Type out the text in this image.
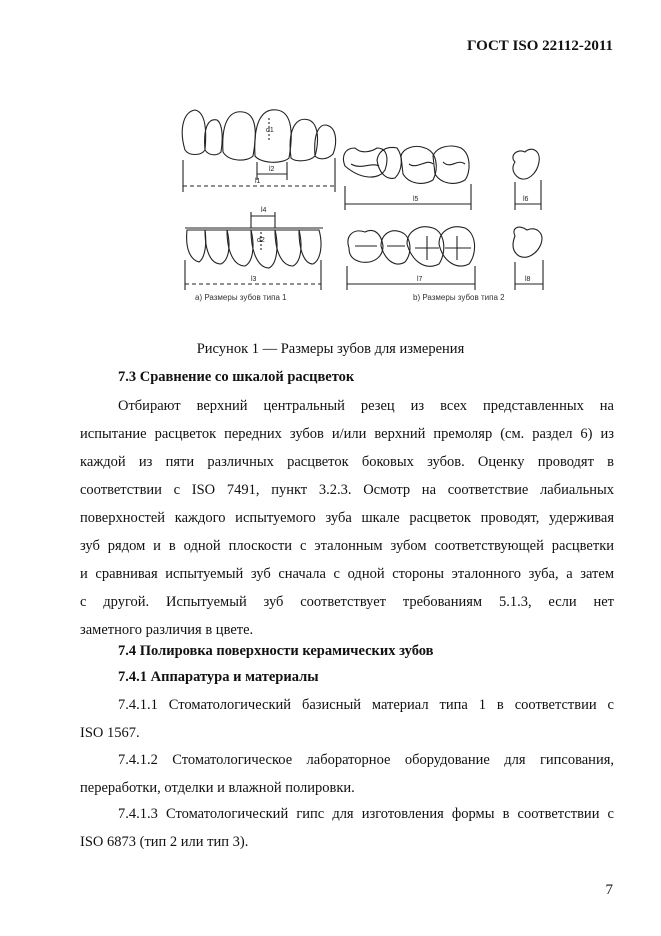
ГОСТ ISO 22112-2011
d1
l2
l1
l4
d2
l3
l5	l6
l7	l8
а) Размеры зубов типа 1	b) Размеры зубов типа 2
Рисунок 1 — Размеры зубов для измерения
7.3 Сравнение со шкалой расцветок
Отбирают верхний центральный резец из всех представленных на
испытание расцветок передних зубов и/или верхний премоляр (см. раздел 6) из
каждой из пяти различных расцветок боковых зубов. Оценку проводят в
соответствии с ISO 7491, пункт 3.2.3. Осмотр на соответствие лабиальных
поверхностей каждого испытуемого зуба шкале расцветок проводят, удерживая
зуб рядом и в одной плоскости с эталонным зубом соответствующей расцветки
и сравнивая испытуемый зуб сначала с одной стороны эталонного зуба, а затем
с другой. Испытуемый зуб соответствует требованиям 5.1.3, если нет
заметного различия в цвете.
7.4 Полировка поверхности керамических зубов
7.4.1 Аппаратура и материалы
7.4.1.1 Стоматологический базисный материал типа 1 в соответствии с
ISO 1567.
7.4.1.2 Стоматологическое лабораторное оборудование для гипсования,
переработки, отделки и влажной полировки.
7.4.1.3 Стоматологический гипс для изготовления формы в соответствии с
ISO 6873 (тип 2 или тип 3).
7
